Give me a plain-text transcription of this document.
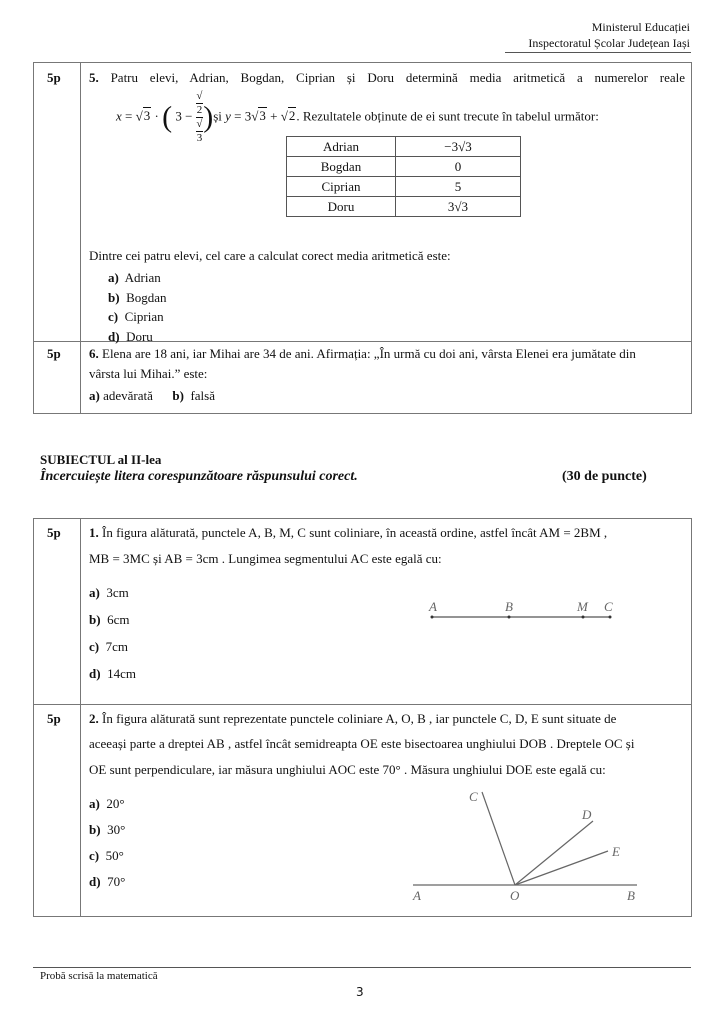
Ministerul Educației
Inspectoratul Școlar Județean Iași
5p 5. Patru elevi, Adrian, Bogdan, Ciprian și Doru determină media aritmetică a numerelor reale
x = √3 · ( 3 − √
2
√
3 )și y = 3√3 + √2. Rezultatele obținute de ei sunt trecute în tabelul următor:
Adrian	−3√3
Bogdan	0
Ciprian	5
Doru	3√3
Dintre cei patru elevi, cel care a calculat corect media aritmetică este:
a) Adrian
b) Bogdan
c) Ciprian
d) Doru
5p 6. Elena are 18 ani, iar Mihai are 34 de ani. Afirmația: „În urmă cu doi ani, vârsta Elenei era jumătate din
vârsta lui Mihai.” este:
a) adevărată b) falsă
SUBIECTUL al II-lea
Încercuiește litera corespunzătoare răspunsului corect.	(30 de puncte)
5p 1. În figura alăturată, punctele A, B, M, C sunt coliniare, în această ordine, astfel încât AM = 2BM ,
MB = 3MC și AB = 3cm . Lungimea segmentului AC este egală cu:
a) 3cm
b) 6cm
c) 7cm
d) 14cm
A	B	M C
5p 2. În figura alăturată sunt reprezentate punctele coliniare A, O, B , iar punctele C, D, E sunt situate de
aceeași parte a dreptei AB , astfel încât semidreapta OE este bisectoarea unghiului DOB . Dreptele OC și
OE sunt perpendiculare, iar măsura unghiului AOC este 70° . Măsura unghiului DOE este egală cu:
a) 20°
b) 30°
c) 50°
d) 70°
C
D
E
A	O	B
Probă scrisă la matematică
3
